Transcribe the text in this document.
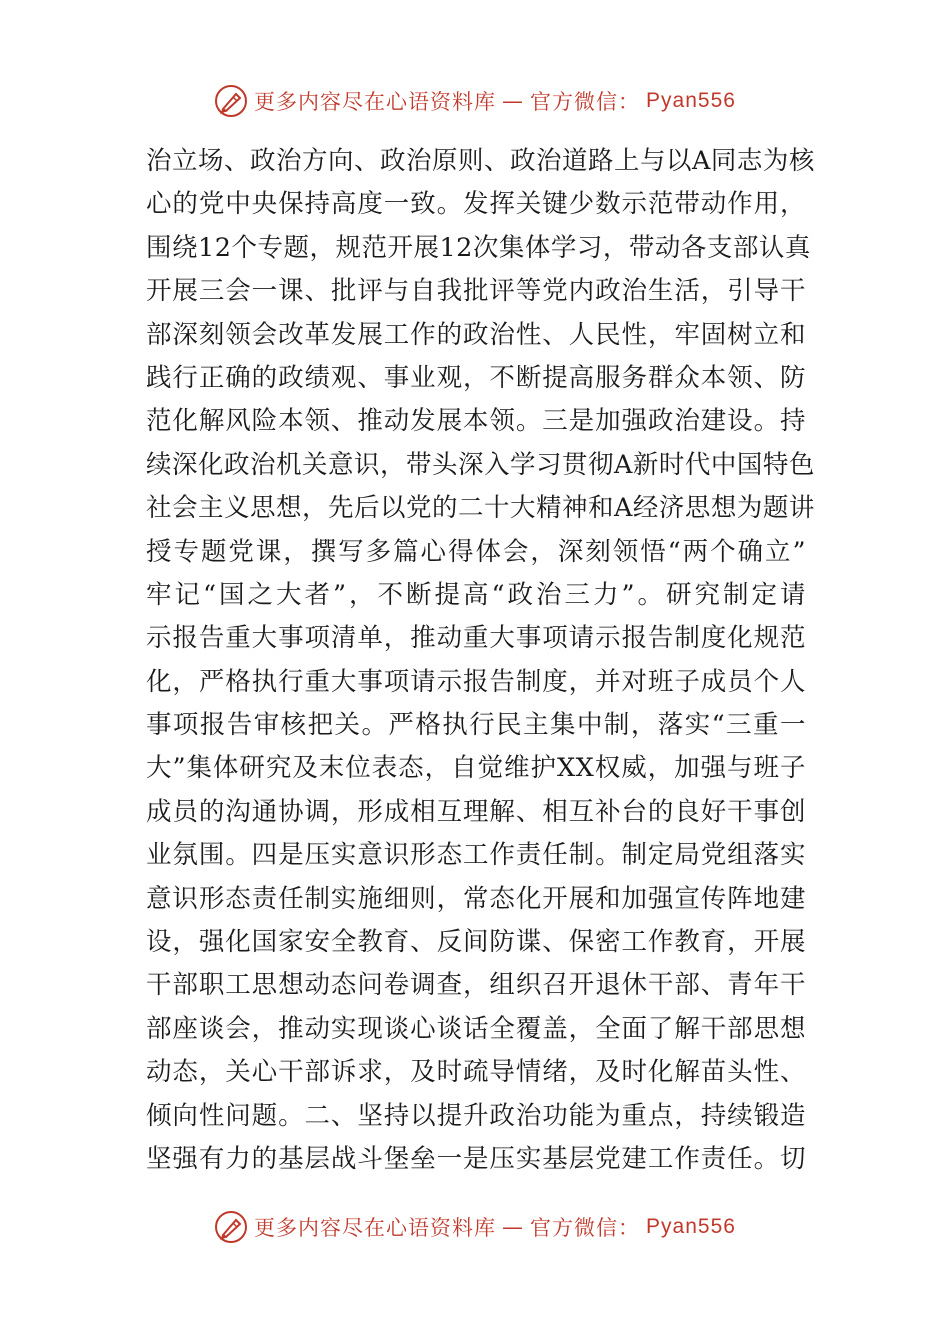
更多内容尽在心语资料库 — 官方微信： Pyan556
治立场、政治方向、政治原则、政治道路上与以A同志为核
心的党中央保持高度一致。发挥关键少数示范带动作用，
围绕12个专题，规范开展12次集体学习，带动各支部认真
开展三会一课、批评与自我批评等党内政治生活，引导干
部深刻领会改革发展工作的政治性、人民性，牢固树立和
践行正确的政绩观、事业观，不断提高服务群众本领、防
范化解风险本领、推动发展本领。三是加强政治建设。持
续深化政治机关意识，带头深入学习贯彻A新时代中国特色
社会主义思想，先后以党的二十大精神和A经济思想为题讲
授专题党课，撰写多篇心得体会，深刻领悟“两个确立”
牢记“国之大者”，不断提高“政治三力”。研究制定请
示报告重大事项清单，推动重大事项请示报告制度化规范
化，严格执行重大事项请示报告制度，并对班子成员个人
事项报告审核把关。严格执行民主集中制，落实“三重一
大”集体研究及末位表态，自觉维护XX权威，加强与班子
成员的沟通协调，形成相互理解、相互补台的良好干事创
业氛围。四是压实意识形态工作责任制。制定局党组落实
意识形态责任制实施细则，常态化开展和加强宣传阵地建
设，强化国家安全教育、反间防谍、保密工作教育，开展
干部职工思想动态问卷调查，组织召开退休干部、青年干
部座谈会，推动实现谈心谈话全覆盖，全面了解干部思想
动态，关心干部诉求，及时疏导情绪，及时化解苗头性、
倾向性问题。二、坚持以提升政治功能为重点，持续锻造
坚强有力的基层战斗堡垒一是压实基层党建工作责任。切
更多内容尽在心语资料库 — 官方微信： Pyan556
